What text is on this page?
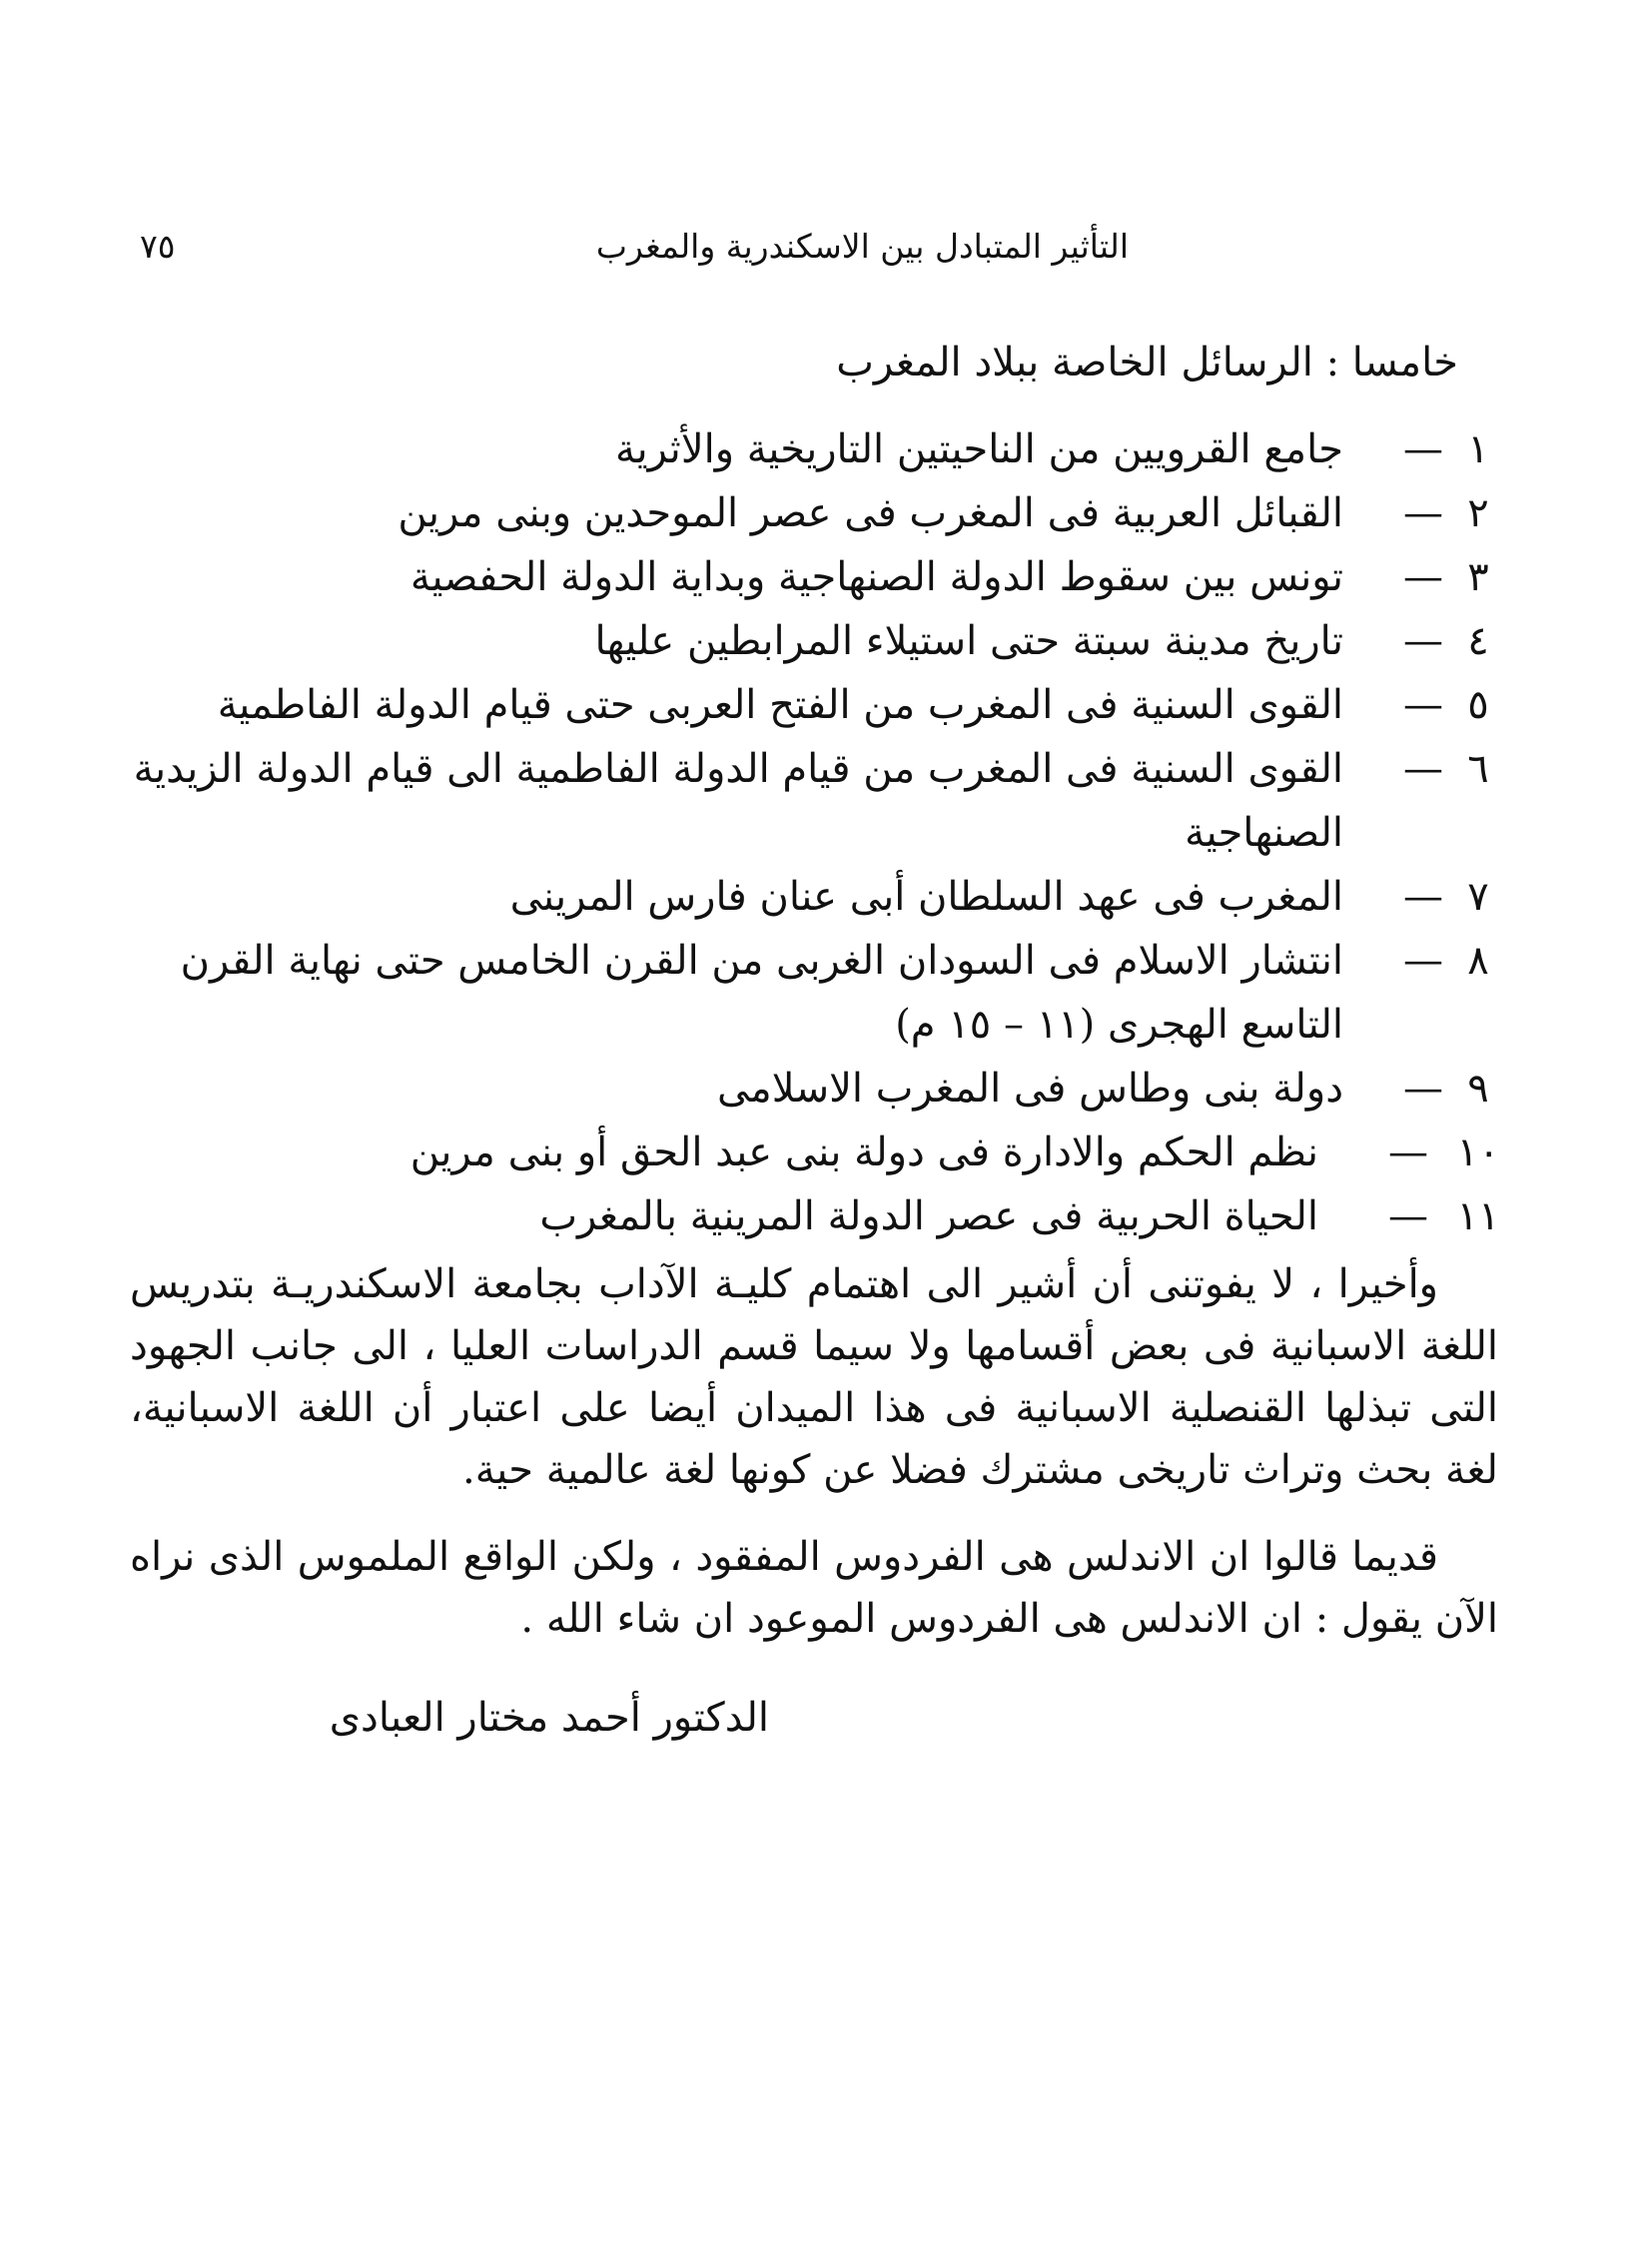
التأثير المتبادل بين الاسكندرية والمغرب
٧٥
خامسا : الرسائل الخاصة ببلاد المغرب
١
—
جامع القرويين من الناحيتين التاريخية والأثرية
٢
—
القبائل العربية فى المغرب فى عصر الموحدين وبنى مرين
٣
—
تونس بين سقوط الدولة الصنهاجية وبداية الدولة الحفصية
٤
—
تاريخ مدينة سبتة حتى استيلاء المرابطين عليها
٥
—
القوى السنية فى المغرب من الفتح العربى حتى قيام الدولة الفاطمية
٦
—
القوى السنية فى المغرب من قيام الدولة الفاطمية الى قيام الدولة الزيدية الصنهاجية
٧
—
المغرب فى عهد السلطان أبى عنان فارس المرينى
٨
—
انتشار الاسلام فى السودان الغربى من القرن الخامس حتى نهاية القرن التاسع الهجرى (١١ – ١٥ م)
٩
—
دولة بنى وطاس فى المغرب الاسلامى
١٠
—
نظم الحكم والادارة فى دولة بنى عبد الحق أو بنى مرين
١١
—
الحياة الحربية فى عصر الدولة المرينية بالمغرب

وأخيرا ، لا يفوتنى أن أشير الى اهتمام كليـة الآداب بجامعة الاسكندريـة بتدريس اللغة الاسبانية فى بعض أقسامها ولا سيما قسم الدراسات العليا ، الى جانب الجهود التى تبذلها القنصلية الاسبانية فى هذا الميدان أيضا على اعتبار أن اللغة الاسبانية، لغة بحث وتراث تاريخى مشترك فضلا عن كونها لغة عالمية حية.

قديما قالوا ان الاندلس هى الفردوس المفقود ، ولكن الواقع الملموس الذى نراه الآن يقول : ان الاندلس هى الفردوس الموعود ان شاء الله .

الدكتور أحمد مختار العبادى
